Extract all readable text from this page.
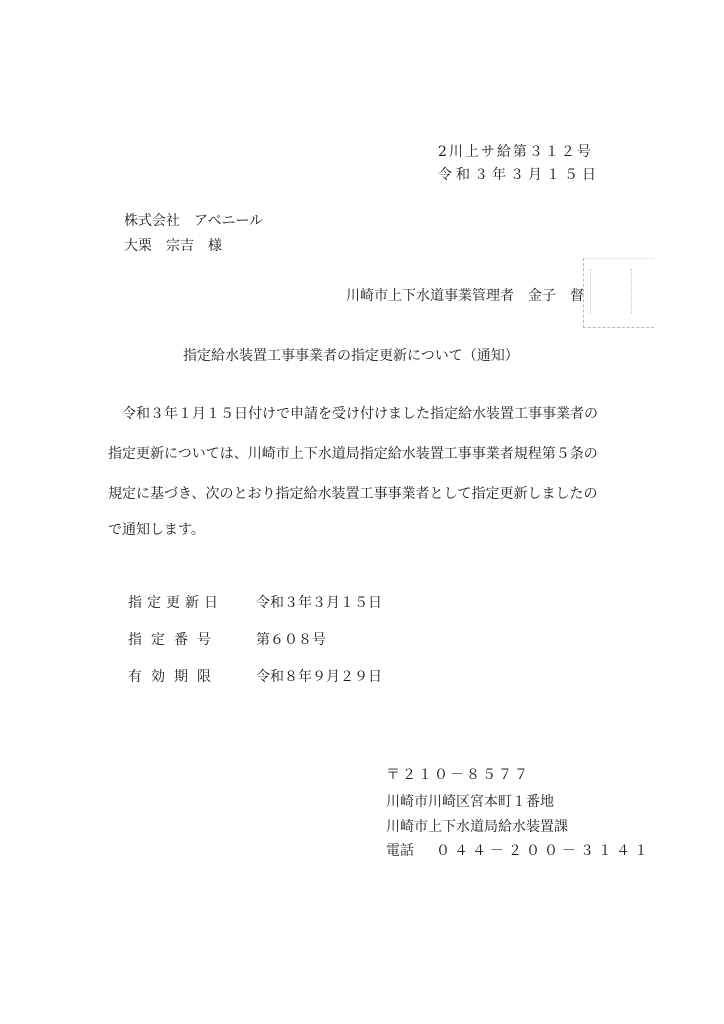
2川上サ給第３１２号
令和３年３月１５日
株式会社　アベニール
大栗　宗吉　様
川崎市上下水道事業管理者　金子　督
指定給水装置工事事業者の指定更新について（通知）
令和３年１月１５日付けで申請を受け付けました指定給水装置工事事業者の
指定更新については、川崎市上下水道局指定給水装置工事事業者規程第５条の
規定に基づき、次のとおり指定給水装置工事事業者として指定更新しましたの
で通知します。
指定更新日 令和３年３月１５日
指定番号	第６０８号
有効期限	令和８年９月２９日
〒２１０－８５７７
川崎市川崎区宮本町１番地
川崎市上下水道局給水装置課
電話 ０４４－２００－３１４１
